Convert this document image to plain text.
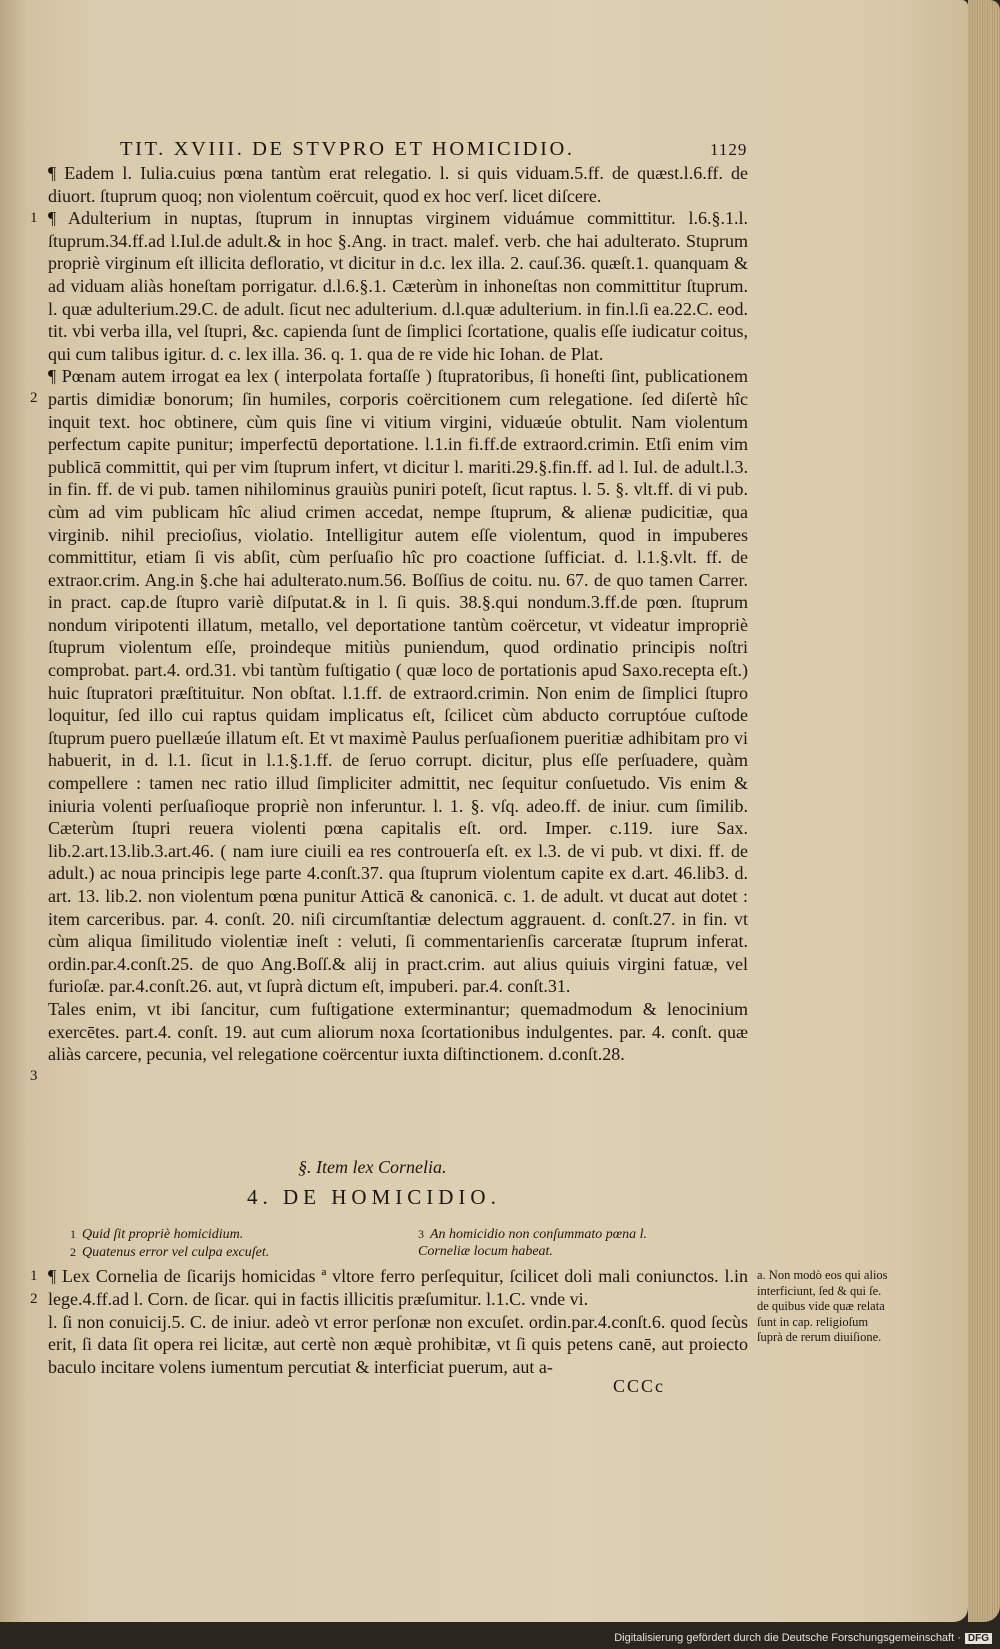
TIT. XVIII. DE STVPRO ET HOMICIDIO.	1129

¶ Eadem l. Iulia.cuius pœna tantùm erat relegatio. l. si quis viduam.5.ff. de quæst.l.6.ff. de diuort. ſtuprum quoq; non violentum coërcuit, quod ex hoc verſ. licet diſcere.

¶ Adulterium in nuptas, ſtuprum in innuptas virginem viduámue committitur. l.6.§.1.l. ſtuprum.34.ff.ad l.Iul.de adult.& in hoc §.Ang. in tract. malef. verb. che hai adulterato. Stuprum propriè virginum eſt illicita defloratio, vt dicitur in d.c. lex illa. 2. cauſ.36. quæſt.1. quanquam & ad viduam aliàs honeſtam porrigatur. d.l.6.§.1. Cæterùm in inhoneſtas non committitur ſtuprum. l. quæ adulterium.29.C. de adult. ſicut nec adulterium. d.l.quæ adulterium. in fin.l.ſi ea.22.C. eod. tit. vbi verba illa, vel ſtupri, &c. capienda ſunt de ſimplici ſcortatione, qualis eſſe iudicatur coitus, qui cum talibus igitur. d. c. lex illa. 36. q. 1. qua de re vide hic Iohan. de Plat.

¶ Pœnam autem irrogat ea lex ( interpolata fortaſſe ) ſtupratoribus, ſi honeſti ſint, publicationem partis dimidiæ bonorum; ſin humiles, corporis coërcitionem cum relegatione. ſed diſertè hîc inquit text. hoc obtinere, cùm quis ſine vi vitium virgini, viduæúe obtulit. Nam violentum perfectum capite punitur; imperfectū deportatione. l.1.in fi.ff.de extraord.crimin. Etſi enim vim publicā committit, qui per vim ſtuprum infert, vt dicitur l. mariti.29.§.fin.ff. ad l. Iul. de adult.l.3. in fin. ff. de vi pub. tamen nihilominus grauiùs puniri poteſt, ſicut raptus. l. 5. §. vlt.ff. di vi pub. cùm ad vim publicam hîc aliud crimen accedat, nempe ſtuprum, & alienæ pudicitiæ, qua virginib. nihil precioſius, violatio. Intelligitur autem eſſe violentum, quod in impuberes committitur, etiam ſi vis abſit, cùm perſuaſio hîc pro coactione ſufficiat. d. l.1.§.vlt. ff. de extraor.crim. Ang.in §.che hai adulterato.num.56. Boſſius de coitu. nu. 67. de quo tamen Carrer. in pract. cap.de ſtupro variè diſputat.& in l. ſi quis. 38.§.qui nondum.3.ff.de pœn. ſtuprum nondum viripotenti illatum, metallo, vel deportatione tantùm coërcetur, vt videatur impropriè ſtuprum violentum eſſe, proindeque mitiùs puniendum, quod ordinatio principis noſtri comprobat. part.4. ord.31. vbi tantùm fuſtigatio ( quæ loco de portationis apud Saxo.recepta eſt.) huic ſtupratori præſtituitur. Non obſtat. l.1.ff. de extraord.crimin. Non enim de ſimplici ſtupro loquitur, ſed illo cui raptus quidam implicatus eſt, ſcilicet cùm abducto corruptóue cuſtode ſtuprum puero puellæúe illatum eſt. Et vt maximè Paulus perſuaſionem pueritiæ adhibitam pro vi habuerit, in d. l.1. ſicut in l.1.§.1.ff. de ſeruo corrupt. dicitur, plus eſſe perſuadere, quàm compellere : tamen nec ratio illud ſimpliciter admittit, nec ſequitur conſuetudo. Vis enim & iniuria volenti perſuaſioque propriè non inferuntur. l. 1. §. vſq. adeo.ff. de iniur. cum ſimilib. Cæterùm ſtupri reuera violenti pœna capitalis eſt. ord. Imper. c.119. iure Sax. lib.2.art.13.lib.3.art.46. ( nam iure ciuili ea res controuerſa eſt. ex l.3. de vi pub. vt dixi. ff. de adult.) ac noua principis lege parte 4.conſt.37. qua ſtuprum violentum capite ex d.art. 46.lib3. d. art. 13. lib.2. non violentum pœna punitur Atticā & canonicā. c. 1. de adult. vt ducat aut dotet : item carceribus. par. 4. conſt. 20. niſi circumſtantiæ delectum aggrauent. d. conſt.27. in fin. vt cùm aliqua ſimilitudo violentiæ ineſt : veluti, ſi commentarienſis carceratæ ſtuprum inferat. ordin.par.4.conſt.25. de quo Ang.Boſſ.& alij in pract.crim. aut alius quiuis virgini fatuæ, vel furioſæ. par.4.conſt.26. aut, vt ſuprà dictum eſt, impuberi. par.4. conſt.31.

Tales enim, vt ibi ſancitur, cum fuſtigatione exterminantur; quemadmodum & lenocinium exercētes. part.4. conſt. 19. aut cum aliorum noxa ſcortationibus indulgentes. par. 4. conſt. quæ aliàs carcere, pecunia, vel relegatione coërcentur iuxta diſtinctionem. d.conſt.28.

1
2
3
§. Item lex Cornelia.
4. DE HOMICIDIO.
1 Quid ſit propriè homicidium.
2 Quatenus error vel culpa excuſet.
3 An homicidio non conſummato pœna l. Corneliæ locum habeat.

¶ Lex Cornelia de ſicarijs homicidas ª vltore ferro perſequitur, ſcilicet doli mali coniunctos. l.in lege.4.ff.ad l. Corn. de ſicar. qui in factis illicitis præſumitur. l.1.C. vnde vi.

l. ſi non conuicij.5. C. de iniur. adeò vt error perſonæ non excuſet. ordin.par.4.conſt.6. quod ſecùs erit, ſi data ſit opera rei licitæ, aut certè non æquè prohibitæ, vt ſi quis petens canē, aut proiecto baculo incitare volens iumentum percutiat & interficiat puerum, aut a-

1
2
a. Non modò eos qui alios interficiunt, ſed & qui ſe. de quibus vide quæ relata ſunt in cap. religioſum ſuprà de rerum diuiſione.
CCCc
Digitalisierung gefördert durch die Deutsche Forschungsgemeinschaft · DFG
